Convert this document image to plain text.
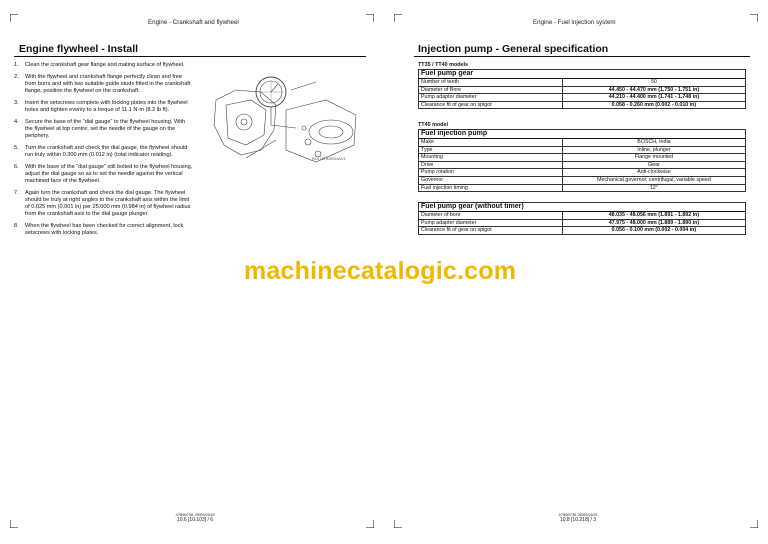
Engine - Crankshaft and flywheel
Engine flywheel - Install
1.	Clean the crankshaft gear flange and mating surface of flywheel.
2.	With the flywheel and crankshaft flange perfectly clean and free from burrs and with two suitable guide studs fitted in the crankshaft flange, position the flywheel on the crankshaft.
3.	Insert the setscrews complete with locking plates into the flywheel holes and tighten evenly to a torque of 11.1 N·m (8.2 lb ft).
4.	Secure the base of the “dial gauge” to the flywheel housing. With the flywheel at top centre, set the needle of the gauge on the periphery.
5.	Turn the crankshaft and check the dial gauge, the flywheel should run truly within 0.300 mm (0.012 in) (total indicator reading).
6.	With the base of the “dial gauge” still bolted to the flywheel housing, adjust the dial gauge so as to set the needle against the vertical machined face of the flywheel.
7.	Again turn the crankshaft and check the dial gauge. The flywheel should be truly at right angles to the crankshaft axis within the limit of 0.025 mm (0.001 in) per 25.000 mm (0.984 in) of flywheel radius from the crankshaft axis to the dial gauge plunger.
8.	When the flywheel has been checked for correct alignment, lock setscrews with locking plates.
RAIL16TR00044AA 5
47899736 29/09/2015
10.6 [10.103] / 6
Engine - Fuel injection system
Injection pump - General specification
47899736 29/09/2015
10.8 [10.218] / 3
TT35 / TT40 models
Fuel pump gear	
Number of teeth	50
Diameter of Bore	44.450 - 44.470 mm (1.750 - 1.751 in)
Pump adaptor diameter	44.210 - 44.400 mm (1.741 - 1.748 in)
Clearance fit of gear on spigot	0.058 - 0.260 mm (0.002 - 0.010 in)
TT45 model
Fuel injection pump	
Make	BOSCH, India
Type	Inline, plunger
Mounting	Flange mounted
Drive	Gear
Pump rotation	Anti-clockwise
Governor	Mechanical governor, centrifugal, variable speed
Fuel injection timing	12°
Fuel pump gear (without timer)	
Diameter of bore	48.035 - 48.056 mm (1.891 - 1.892 in)
Pump adapter diameter	47.975 - 48.000 mm (1.889 - 1.890 in)
Clearance fit of gear on spigot	0.056 - 0.100 mm (0.002 - 0.004 in)
machinecatalogic.com
